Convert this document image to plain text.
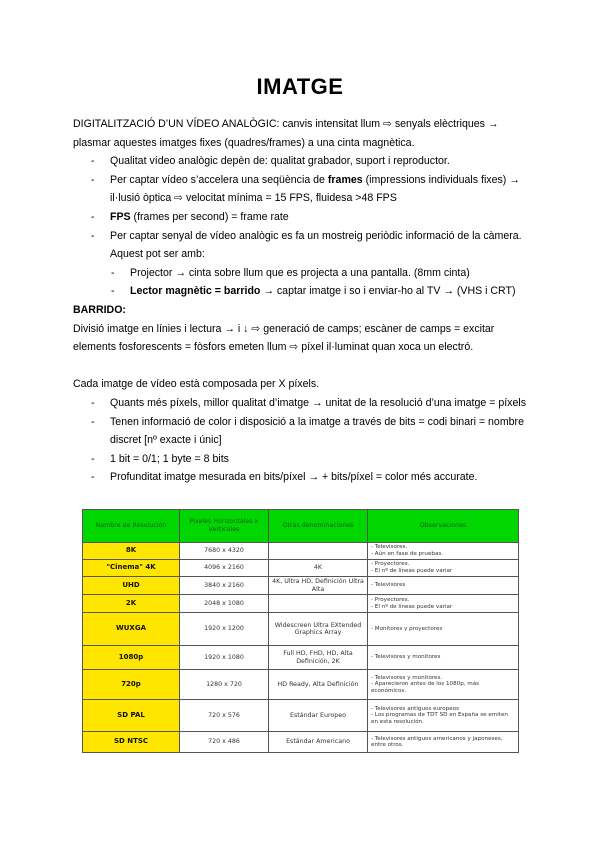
IMATGE

DIGITALITZACIÓ D’UN VÍDEO ANALÒGIC: canvis intensitat llum ⇨ senyals elèctriques → plasmar aquestes imatges fixes (quadres/frames) a una cinta magnètica.

- Qualitat vídeo analògic depèn de: qualitat grabador, suport i reproductor.
- Per captar vídeo s’accelera una seqüència de frames (impressions individuals fixes) → il·lusió òptica ⇨ velocitat mínima = 15 FPS, fluidesa >48 FPS
- FPS (frames per second) = frame rate
- Per captar senyal de vídeo analògic es fa un mostreig periòdic informació de la càmera. Aquest pot ser amb:
- Projector → cinta sobre llum que es projecta a una pantalla. (8mm cinta)
- Lector magnètic = barrido → captar imatge i so i enviar-ho al TV → (VHS i CRT)

BARRIDO:

Divisió imatge en línies i lectura → i ↓ ⇨ generació de camps; escàner de camps = excitar elements fosforescents = fòsfors emeten llum ⇨ píxel il·luminat quan xoca un electró.

Cada imatge de vídeo està composada per X píxels.

- Quants més píxels, millor qualitat d’imatge → unitat de la resolució d’una imatge = píxels
- Tenen informació de color i disposició a la imatge a través de bits = codi binari = nombre discret [nº exacte i únic]
- 1 bit = 0/1; 1 byte = 8 bits
- Profunditat imatge mesurada en bits/píxel → + bits/píxel = color més accurate.
Nombre de Resolución	Pixeles Horizontales x Verticales	Otras denominaciones	Observaciones
8K	7680 x 4320		- Televisores.
- Aún en fase de pruebas.
"Cinema" 4K	4096 x 2160	4K	- Proyectores.
- El nº de líneas puede variar
UHD	3840 x 2160	4K, Ultra HD, Definición Ultra Alta	- Televisores
2K	2048 x 1080		- Proyectores.
- El nº de líneas puede variar
WUXGA	1920 x 1200	Widescreen Ultra EXtended Graphics Array	- Monitores y proyectores
1080p	1920 x 1080	Full HD, FHD, HD, Alta Definición, 2K	- Televisores y monitores
720p	1280 x 720	HD Ready, Alta Definición	- Televisores y monitores.
- Aparecieron antes de los 1080p, más económicos.
SD PAL	720 x 576	Estándar Europeo	- Televisores antiguos europeos
- Los programas de TDT SD en España se emiten en esta resolución.
SD NTSC	720 x 486	Estándar Americano	- Televisores antiguos americanos y japoneses, entre otros.
